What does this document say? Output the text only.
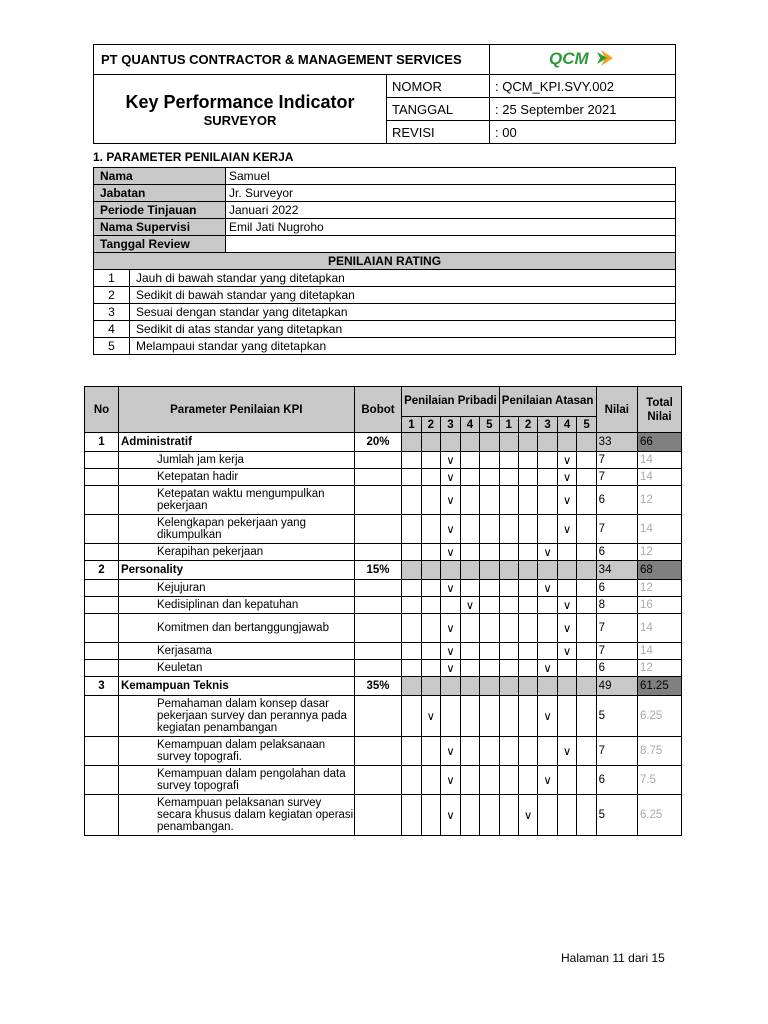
PT QUANTUS CONTRACTOR & MANAGEMENT SERVICES		QCM

Key Performance Indicator
SURVEYOR	NOMOR	: QCM_KPI.SVY.002
	TANGGAL	: 25 September 2021
	REVISI	: 00
1. PARAMETER PENILAIAN KERJA
Nama		Samuel
Jabatan		Jr. Surveyor
Periode Tinjauan		Januari 2022
Nama Supervisi		Emil Jati Nugroho
Tanggal Review		
PENILAIAN RATING		
1	Jauh di bawah standar yang ditetapkan	
2	Sedikit di bawah standar yang ditetapkan	
3	Sesuai dengan standar yang ditetapkan	
4	Sedikit di atas standar yang ditetapkan	
5	Melampaui standar yang ditetapkan	
No	Parameter Penilaian KPI	Bobot	Penilaian Pribadi					Penilaian Atasan					Nilai	Total Nilai
			1	2	3	4	5	1	2	3	4	5		
1	Administratif	20%											33	66
	Jumlah jam kerja				∨						∨		7	14
	Ketepatan hadir				∨						∨		7	14
	Ketepatan waktu mengumpulkan pekerjaan				∨						∨		6	12
	Kelengkapan pekerjaan yang dikumpulkan				∨						∨		7	14
	Kerapihan pekerjaan				∨					∨			6	12
2	Personality	15%											34	68
	Kejujuran				∨					∨			6	12
	Kedisiplinan dan kepatuhan					∨					∨		8	16
	Komitmen dan bertanggungjawab				∨						∨		7	14
	Kerjasama				∨						∨		7	14
	Keuletan				∨					∨			6	12
3	Kemampuan Teknis	35%											49	61.25
	Pemahaman dalam konsep dasar pekerjaan survey dan perannya pada kegiatan penambangan			∨						∨			5	6.25
	Kemampuan dalam pelaksanaan survey topografi.				∨						∨		7	8.75
	Kemampuan dalam pengolahan data survey topografi				∨					∨			6	7.5
	Kemampuan pelaksanan survey secara khusus dalam kegiatan operasi penambangan.				∨				∨				5	6.25
Halaman 11 dari 15
